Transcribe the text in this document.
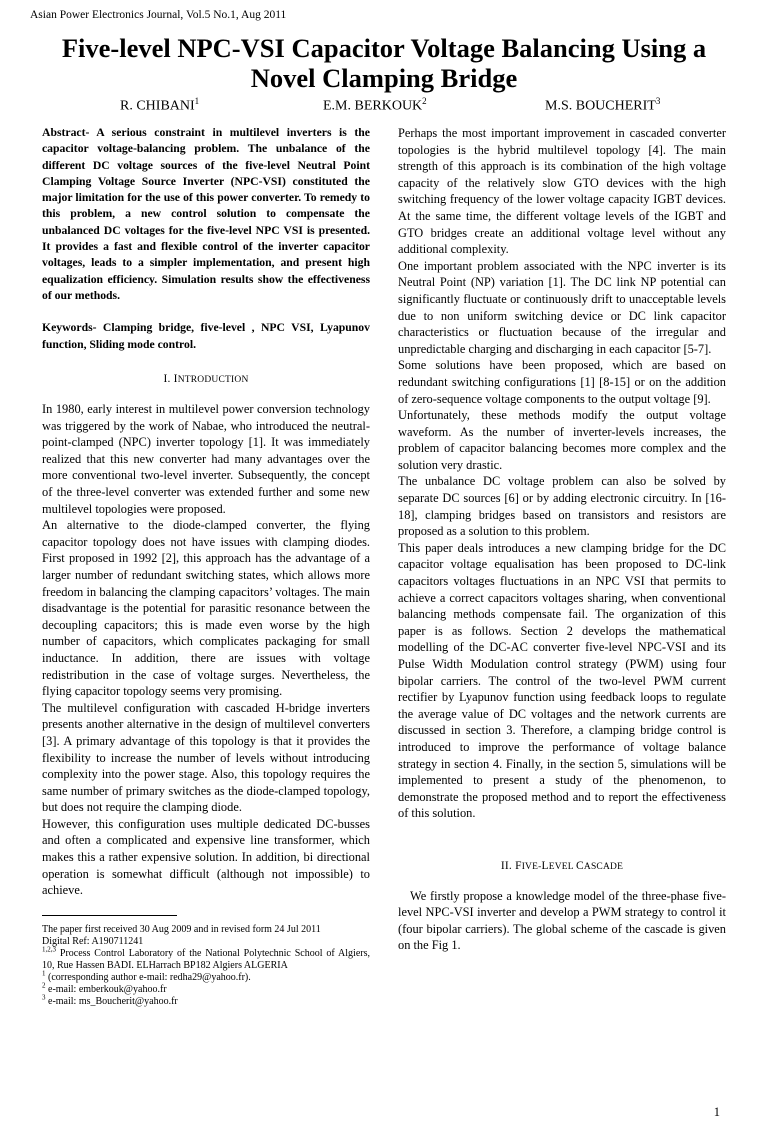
Asian Power Electronics Journal, Vol.5 No.1, Aug 2011
Five-level NPC-VSI Capacitor Voltage Balancing Using a Novel Clamping Bridge
R. CHIBANI$^1$	E.M. BERKOUK$^2$	M.S. BOUCHERIT$^3$

Abstract- A serious constraint in multilevel inverters is the capacitor voltage-balancing problem. The unbalance of the different DC voltage sources of the five-level Neutral Point Clamping Voltage Source Inverter (NPC-VSI) constituted the major limitation for the use of this power converter. To remedy to this problem, a new control solution to compensate the unbalanced DC voltages for the five-level NPC VSI is presented. It provides a fast and flexible control of the inverter capacitor voltages, leads to a simpler implementation, and present high equalization efficiency. Simulation results show the effectiveness of our methods.

Keywords- Clamping bridge, five-level , NPC VSI, Lyapunov function, Sliding mode control.

I. INTRODUCTION

In 1980, early interest in multilevel power conversion technology was triggered by the work of Nabae, who introduced the neutral-point-clamped (NPC) inverter topology [1]. It was immediately realized that this new converter had many advantages over the more conventional two-level inverter. Subsequently, the concept of the three-level converter was extended further and some new multilevel topologies were proposed.

An alternative to the diode-clamped converter, the flying capacitor topology does not have issues with clamping diodes. First proposed in 1992 [2], this approach has the advantage of a larger number of redundant switching states, which allows more freedom in balancing the clamping capacitors’ voltages. The main disadvantage is the potential for parasitic resonance between the decoupling capacitors; this is made even worse by the high number of capacitors, which complicates packaging for small inductance. In addition, there are issues with voltage redistribution in the case of voltage surges. Nevertheless, the flying capacitor topology seems very promising.

The multilevel configuration with cascaded H-bridge inverters presents another alternative in the design of multilevel converters [3]. A primary advantage of this topology is that it provides the flexibility to increase the number of levels without introducing complexity into the power stage. Also, this topology requires the same number of primary switches as the diode-clamped topology, but does not require the clamping diode.

However, this configuration uses multiple dedicated DC-busses and often a complicated and expensive line transformer, which makes this a rather expensive solution. In addition, bi directional operation is somewhat difficult (although not impossible) to achieve.

The paper first received 30 Aug 2009 and in revised form 24 Jul 2011

Digital Ref: A190711241

$^{1,2,3}$ Process Control Laboratory of the National Polytechnic School of Algiers, 10, Rue Hassen BADI. ELHarrach BP182 Algiers ALGERIA

$^1$ (corresponding author e-mail: redha29@yahoo.fr).

$^2$ e-mail: emberkouk@yahoo.fr

$^3$ e-mail: ms_Boucherit@yahoo.fr

Perhaps the most important improvement in cascaded converter topologies is the hybrid multilevel topology [4]. The main strength of this approach is its combination of the high voltage capacity of the relatively slow GTO devices with the high switching frequency of the lower voltage capacity IGBT devices. At the same time, the different voltage levels of the IGBT and GTO bridges create an additional voltage level without any additional complexity.

One important problem associated with the NPC inverter is its Neutral Point (NP) variation [1]. The DC link NP potential can significantly fluctuate or continuously drift to unacceptable levels due to non uniform switching device or DC link capacitor characteristics or fluctuation because of the irregular and unpredictable charging and discharging in each capacitor [5-7].

Some solutions have been proposed, which are based on redundant switching configurations [1] [8-15] or on the addition of zero-sequence voltage components to the output voltage [9].

Unfortunately, these methods modify the output voltage waveform. As the number of inverter-levels increases, the problem of capacitor balancing becomes more complex and the solution very drastic.

The unbalance DC voltage problem can also be solved by separate DC sources [6] or by adding electronic circuitry. In [16-18], clamping bridges based on transistors and resistors are proposed as a solution to this problem.

This paper deals introduces a new clamping bridge for the DC capacitor voltage equalisation has been proposed to DC-link capacitors voltages fluctuations in an NPC VSI that permits to achieve a correct capacitors voltages sharing, when conventional balancing methods compensate fail. The organization of this paper is as follows. Section 2 develops the mathematical modelling of the DC-AC converter five-level NPC-VSI and its Pulse Width Modulation control strategy (PWM) using four bipolar carriers. The control of the two-level PWM current rectifier by Lyapunov function using feedback loops to regulate the average value of DC voltages and the network currents are discussed in section 3. Therefore, a clamping bridge control is introduced to improve the performance of voltage balance strategy in section 4. Finally, in the section 5, simulations will be implemented to present a study of the phenomenon, to demonstrate the proposed method and to report the effectiveness of this solution.

II. FIVE-LEVEL CASCADE

We firstly propose a knowledge model of the three-phase five-level NPC-VSI inverter and develop a PWM strategy to control it (four bipolar carriers). The global scheme of the cascade is given on the Fig 1.

1
